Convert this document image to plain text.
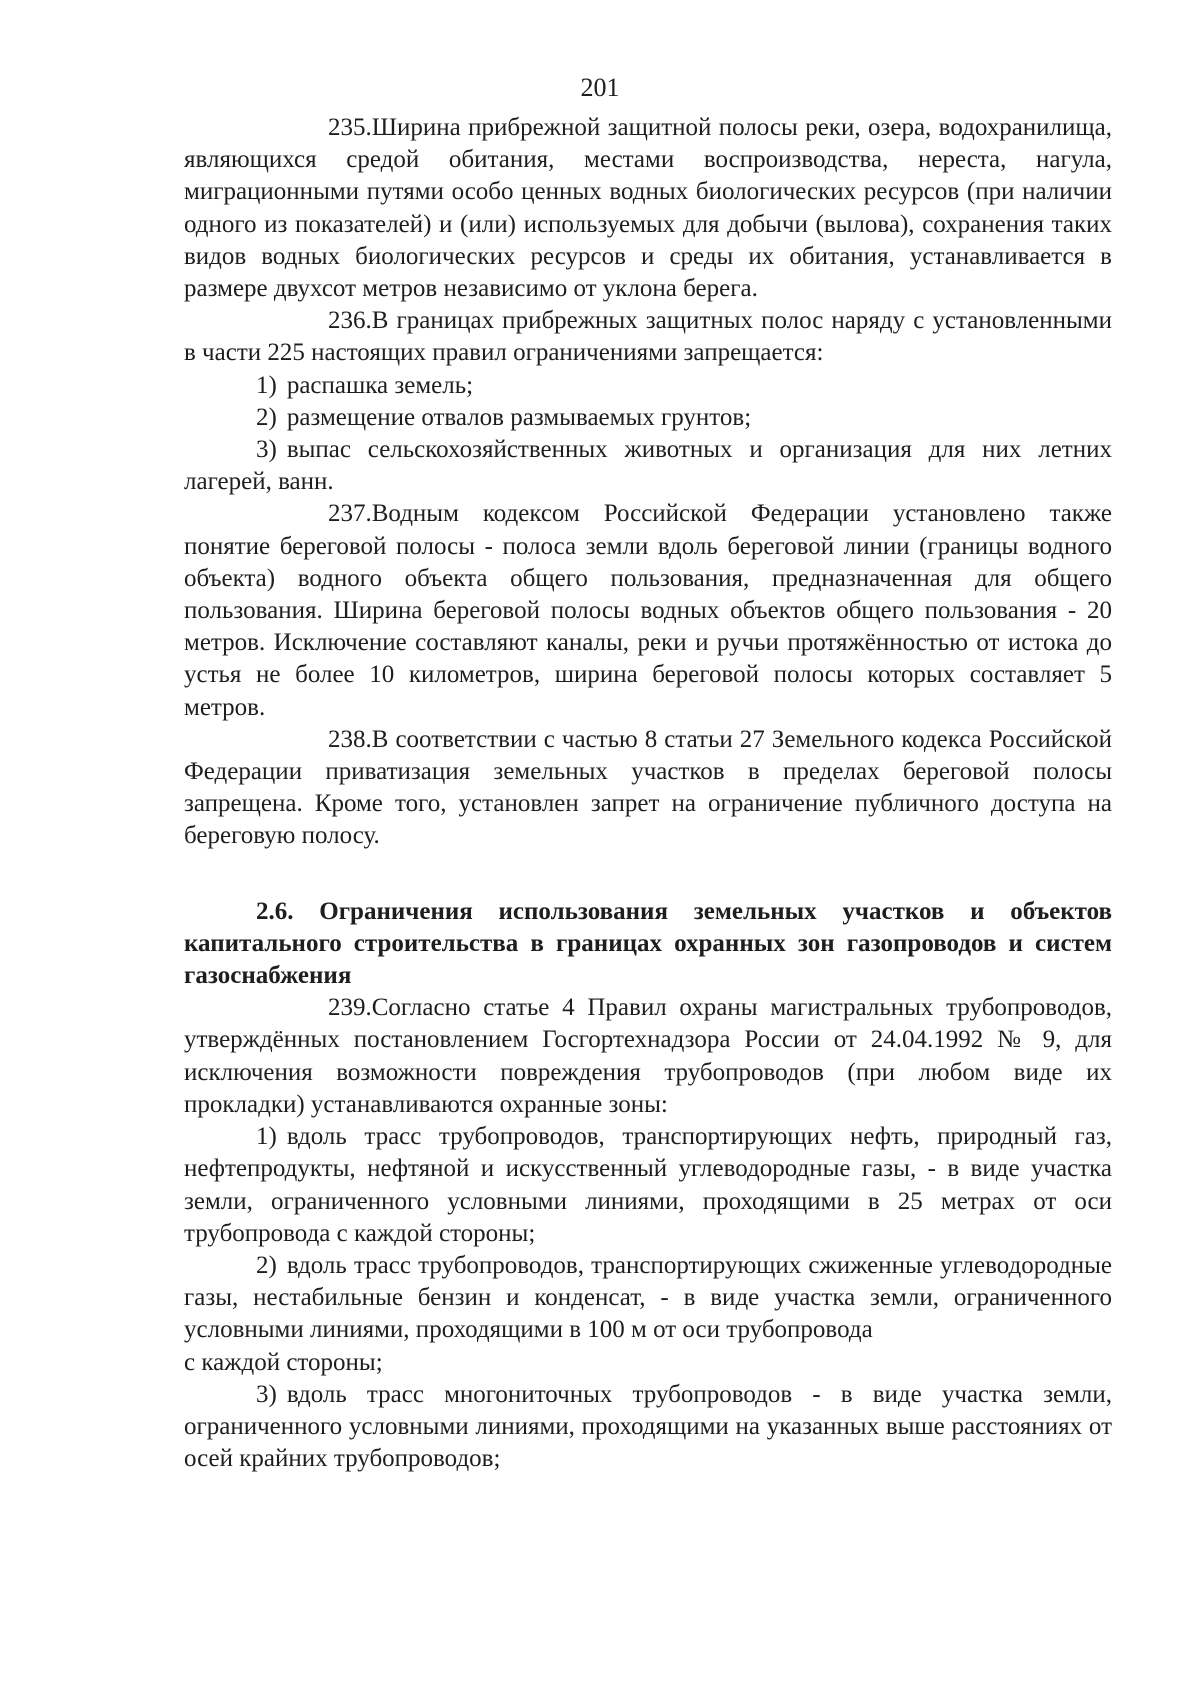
201

235.Ширина прибрежной защитной полосы реки, озера, водохранилища, являющихся средой обитания, местами воспроизводства, нереста, нагула, миграционными путями особо ценных водных биологических ресурсов (при наличии одного из показателей) и (или) используемых для добычи (вылова), сохранения таких видов водных биологических ресурсов и среды их обитания, устанавливается в размере двухсот метров независимо от уклона берега.

236.В границах прибрежных защитных полос наряду с установленными в части 225 настоящих правил ограничениями запрещается:

1) распашка земель;

2) размещение отвалов размываемых грунтов;

3) выпас сельскохозяйственных животных и организация для них летних лагерей, ванн.

237.Водным кодексом Российской Федерации установлено также понятие береговой полосы - полоса земли вдоль береговой линии (границы водного объекта) водного объекта общего пользования, предназначенная для общего пользования. Ширина береговой полосы водных объектов общего пользования - 20 метров. Исключение составляют каналы, реки и ручьи протяжённостью от истока до устья не более 10 километров, ширина береговой полосы которых составляет 5 метров.

238.В соответствии с частью 8 статьи 27 Земельного кодекса Российской Федерации приватизация земельных участков в пределах береговой полосы запрещена. Кроме того, установлен запрет на ограничение публичного доступа на береговую полосу.

2.6. Ограничения использования земельных участков и объектов капитального строительства в границах охранных зон газопроводов и систем газоснабжения

239.Согласно статье 4 Правил охраны магистральных трубопроводов, утверждённых постановлением Госгортехнадзора России от 24.04.1992 № 9, для исключения возможности повреждения трубопроводов (при любом виде их прокладки) устанавливаются охранные зоны:

1) вдоль трасс трубопроводов, транспортирующих нефть, природный газ, нефтепродукты, нефтяной и искусственный углеводородные газы, - в виде участка земли, ограниченного условными линиями, проходящими в 25 метрах от оси трубопровода с каждой стороны;

2) вдоль трасс трубопроводов, транспортирующих сжиженные углеводородные газы, нестабильные бензин и конденсат, - в виде участка земли, ограниченного условными линиями, проходящими в 100 м от оси трубопровода

с каждой стороны;

3) вдоль трасс многониточных трубопроводов - в виде участка земли, ограниченного условными линиями, проходящими на указанных выше расстояниях от осей крайних трубопроводов;
